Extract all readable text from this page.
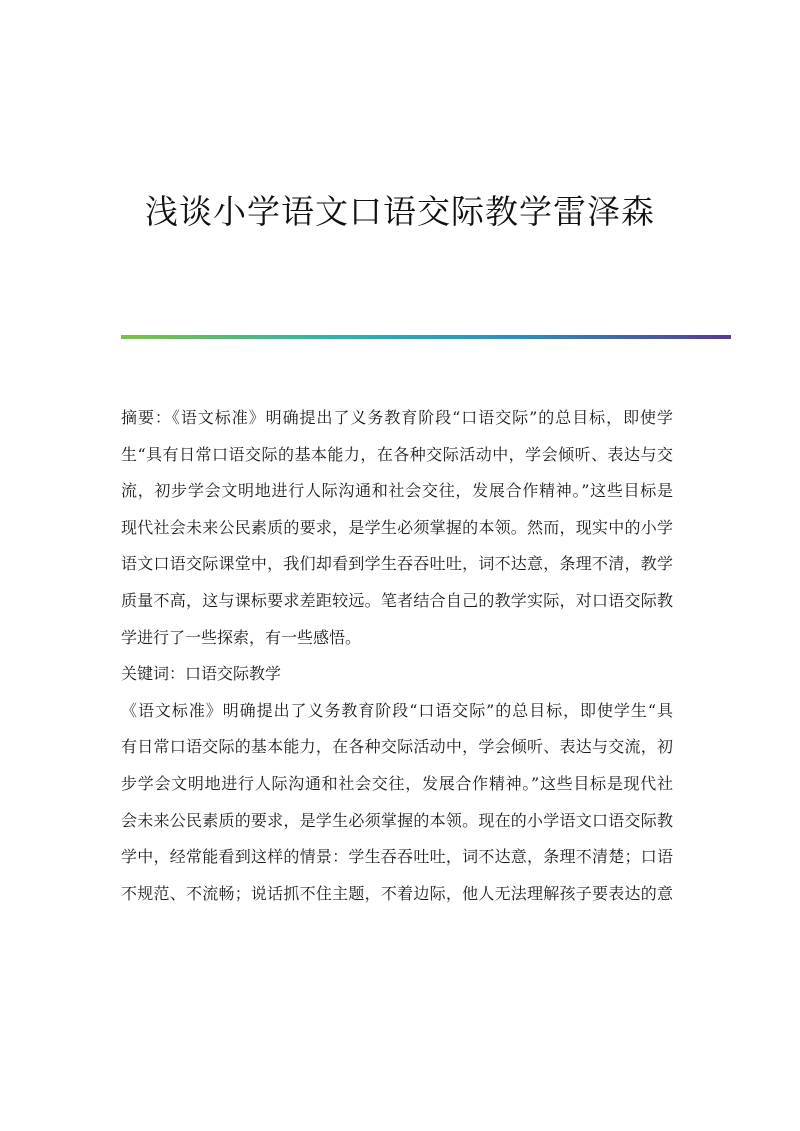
浅谈小学语文口语交际教学雷泽森
摘要：《语文标准》明确提出了义务教育阶段“口语交际”的总目标，即使学
生“具有日常口语交际的基本能力，在各种交际活动中，学会倾听、表达与交
流，初步学会文明地进行人际沟通和社会交往，发展合作精神。”这些目标是
现代社会未来公民素质的要求，是学生必须掌握的本领。然而，现实中的小学
语文口语交际课堂中，我们却看到学生吞吞吐吐，词不达意，条理不清，教学
质量不高，这与课标要求差距较远。笔者结合自己的教学实际，对口语交际教
学进行了一些探索，有一些感悟。
关键词：口语交际教学
《语文标准》明确提出了义务教育阶段“口语交际”的总目标，即使学生“具
有日常口语交际的基本能力，在各种交际活动中，学会倾听、表达与交流，初
步学会文明地进行人际沟通和社会交往，发展合作精神。”这些目标是现代社
会未来公民素质的要求，是学生必须掌握的本领。现在的小学语文口语交际教
学中，经常能看到这样的情景：学生吞吞吐吐，词不达意，条理不清楚；口语
不规范、不流畅；说话抓不住主题，不着边际，他人无法理解孩子要表达的意
